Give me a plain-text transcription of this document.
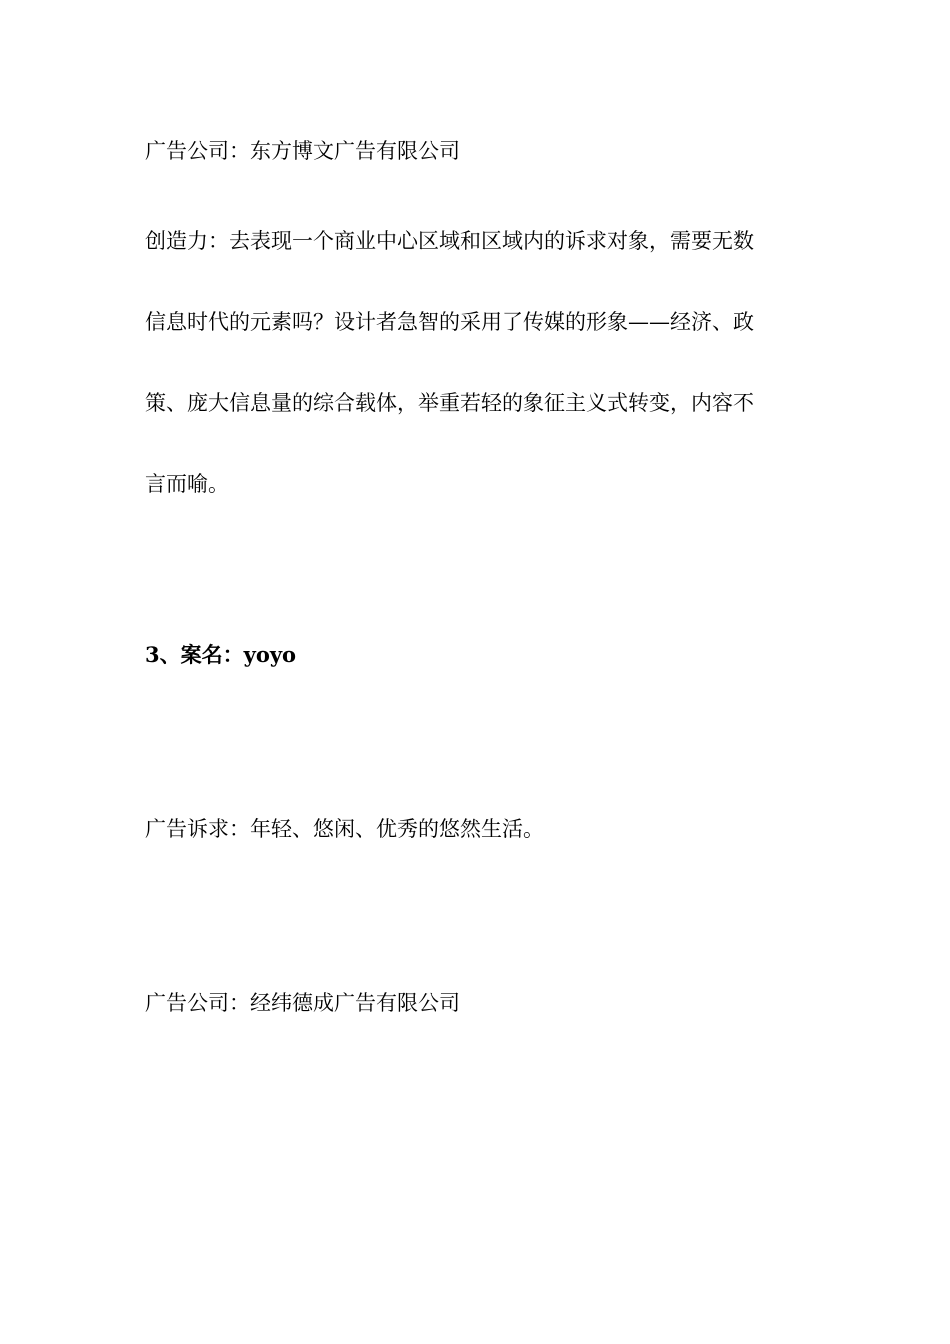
广告公司：东方博文广告有限公司

创造力：去表现一个商业中心区域和区域内的诉求对象，需要无数
信息时代的元素吗？设计者急智的采用了传媒的形象——经济、政
策、庞大信息量的综合载体，举重若轻的象征主义式转变，内容不
言而喻。

3、案名：yoyo

广告诉求：年轻、悠闲、优秀的悠然生活。

广告公司：经纬德成广告有限公司
